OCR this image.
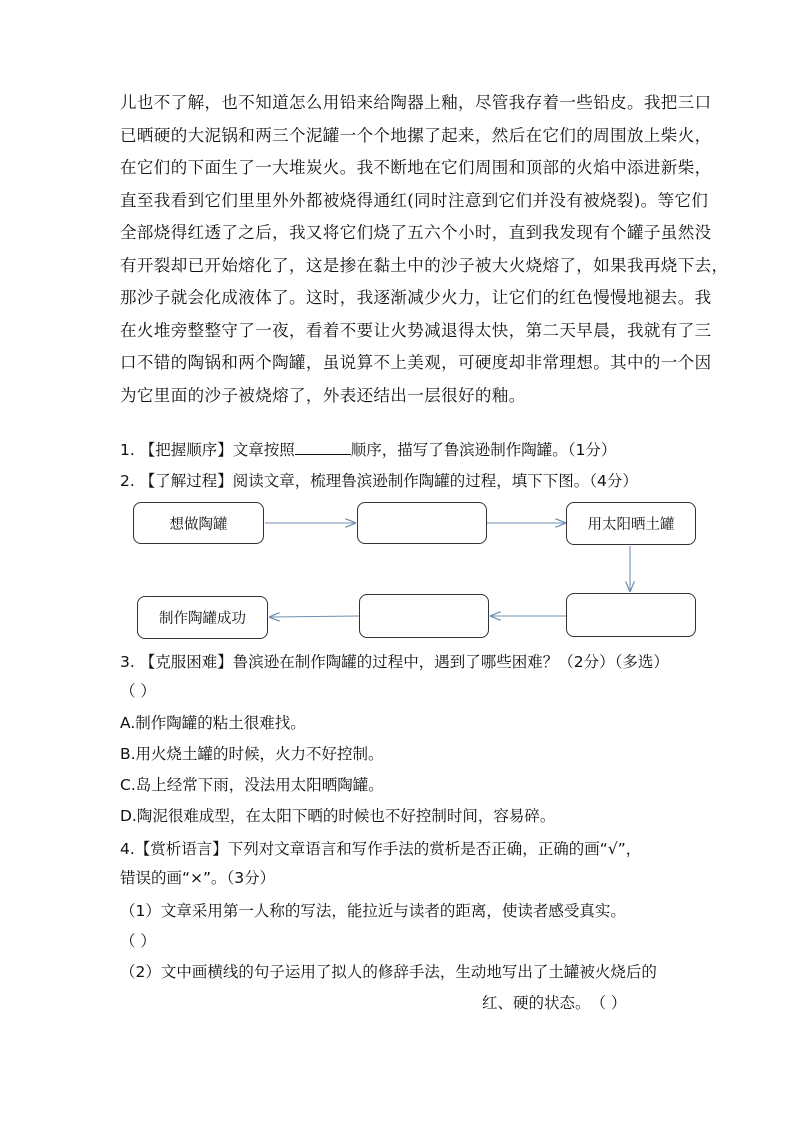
儿也不了解，也不知道怎么用铅来给陶器上釉，尽管我存着一些铅皮。我把三口
已晒硬的大泥锅和两三个泥罐一个个地摞了起来，然后在它们的周围放上柴火，
在它们的下面生了一大堆炭火。我不断地在它们周围和顶部的火焰中添进新柴，
直至我看到它们里里外外都被烧得通红(同时注意到它们并没有被烧裂)。等它们
全部烧得红透了之后，我又将它们烧了五六个小时，直到我发现有个罐子虽然没
有开裂却已开始熔化了，这是掺在黏土中的沙子被大火烧熔了，如果我再烧下去，
那沙子就会化成液体了。这时，我逐渐减少火力，让它们的红色慢慢地褪去。我
在火堆旁整整守了一夜，看着不要让火势减退得太快，第二天早晨，我就有了三
口不错的陶锅和两个陶罐，虽说算不上美观，可硬度却非常理想。其中的一个因
为它里面的沙子被烧熔了，外表还结出一层很好的釉。
1. 【把握顺序】文章按照	顺序，描写了鲁滨逊制作陶罐。（1分）
2. 【了解过程】阅读文章，梳理鲁滨逊制作陶罐的过程，填下下图。（4分）
想做陶罐	用太阳晒土罐
制作陶罐成功
3. 【克服困难】鲁滨逊在制作陶罐的过程中，遇到了哪些困难？（2分）（多选）
（ ）
A.制作陶罐的粘土很难找。
B.用火烧土罐的时候，火力不好控制。
C.岛上经常下雨，没法用太阳晒陶罐。
D.陶泥很难成型，在太阳下晒的时候也不好控制时间，容易碎。
4.【赏析语言】下列对文章语言和写作手法的赏析是否正确，正确的画“√”，
错误的画“×”。（3分）
（1）文章采用第一人称的写法，能拉近与读者的距离，使读者感受真实。
（ ）
（2）文中画横线的句子运用了拟人的修辞手法，生动地写出了土罐被火烧后的
红、硬的状态。　（ ）
